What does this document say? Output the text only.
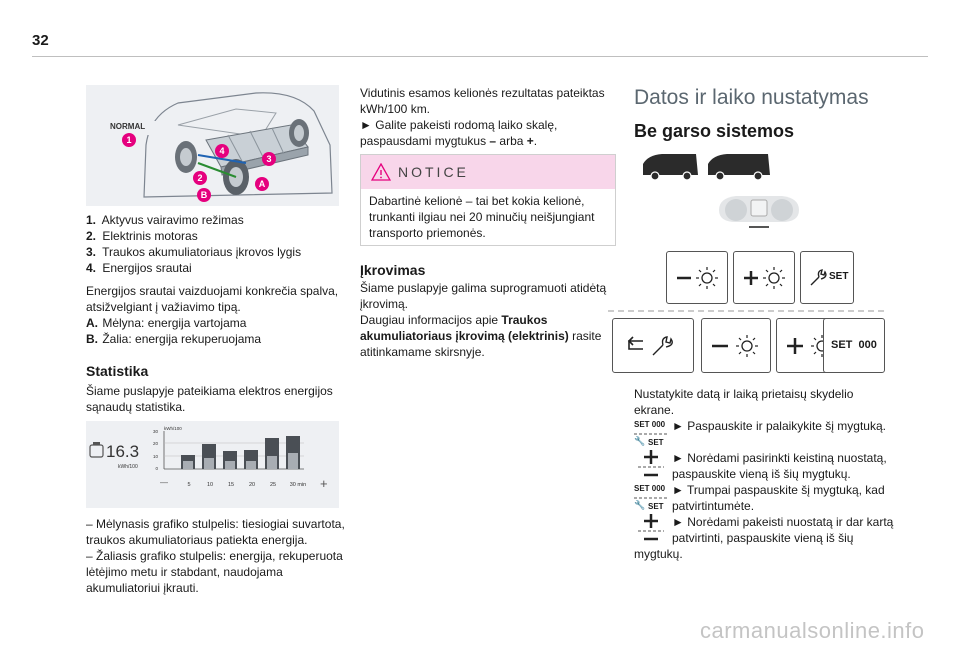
32
NORMAL
1
4
3
2
A
B
1. Aktyvus vairavimo režimas
2. Elektrinis motoras
3. Traukos akumuliatoriaus įkrovos lygis
4. Energijos srautai
Energijos srautai vaizduojami konkrečia spalva,
atsižvelgiant į važiavimo tipą.
A. Mėlyna: energija vartojama
B. Žalia: energija rekuperuojama
Statistika
Šiame puslapyje pateikiama elektros energijos
sąnaudų statistika.
16.3
kWh/100
kWh/100
30
20
10
0
—	5	10	15	20	25 30 min +
– Mėlynasis grafiko stulpelis: tiesiogiai suvartota,
traukos akumuliatoriaus patiekta energija.
– Žaliasis grafiko stulpelis: energija, rekuperuota
lėtėjimo metu ir stabdant, naudojama
akumuliatoriui įkrauti.
Vidutinis esamos kelionės rezultatas pateiktas
kWh/100 km.
► Galite pakeisti rodomą laiko skalę,
paspausdami mygtukus – arba +.
NOTICE
Dabartinė kelionė – tai bet kokia kelionė,
trunkanti ilgiau nei 20 minučių neišjungiant
transporto priemonės.
Įkrovimas
Šiame puslapyje galima suprogramuoti atidėtą
įkrovimą.
Daugiau informacijos apie Traukos
akumuliatoriaus įkrovimą (elektrinis) rasite
atitinkamame skirsnyje.
Datos ir laiko nustatymas
Be garso sistemos
SET
SET  000
Nustatykite datą ir laiką prietaisų skydelio
ekrane.
SET 000
🔧 SET
► Paspauskite ir palaikykite šį mygtuką.
► Norėdami pasirinkti keistiną nuostatą,
paspauskite vieną iš šių mygtukų.
SET 000
🔧 SET
► Trumpai paspauskite šį mygtuką, kad
patvirtintumėte.
► Norėdami pakeisti nuostatą ir dar kartą
patvirtinti, paspauskite vieną iš šių
mygtukų.
carmanualsonline.info
